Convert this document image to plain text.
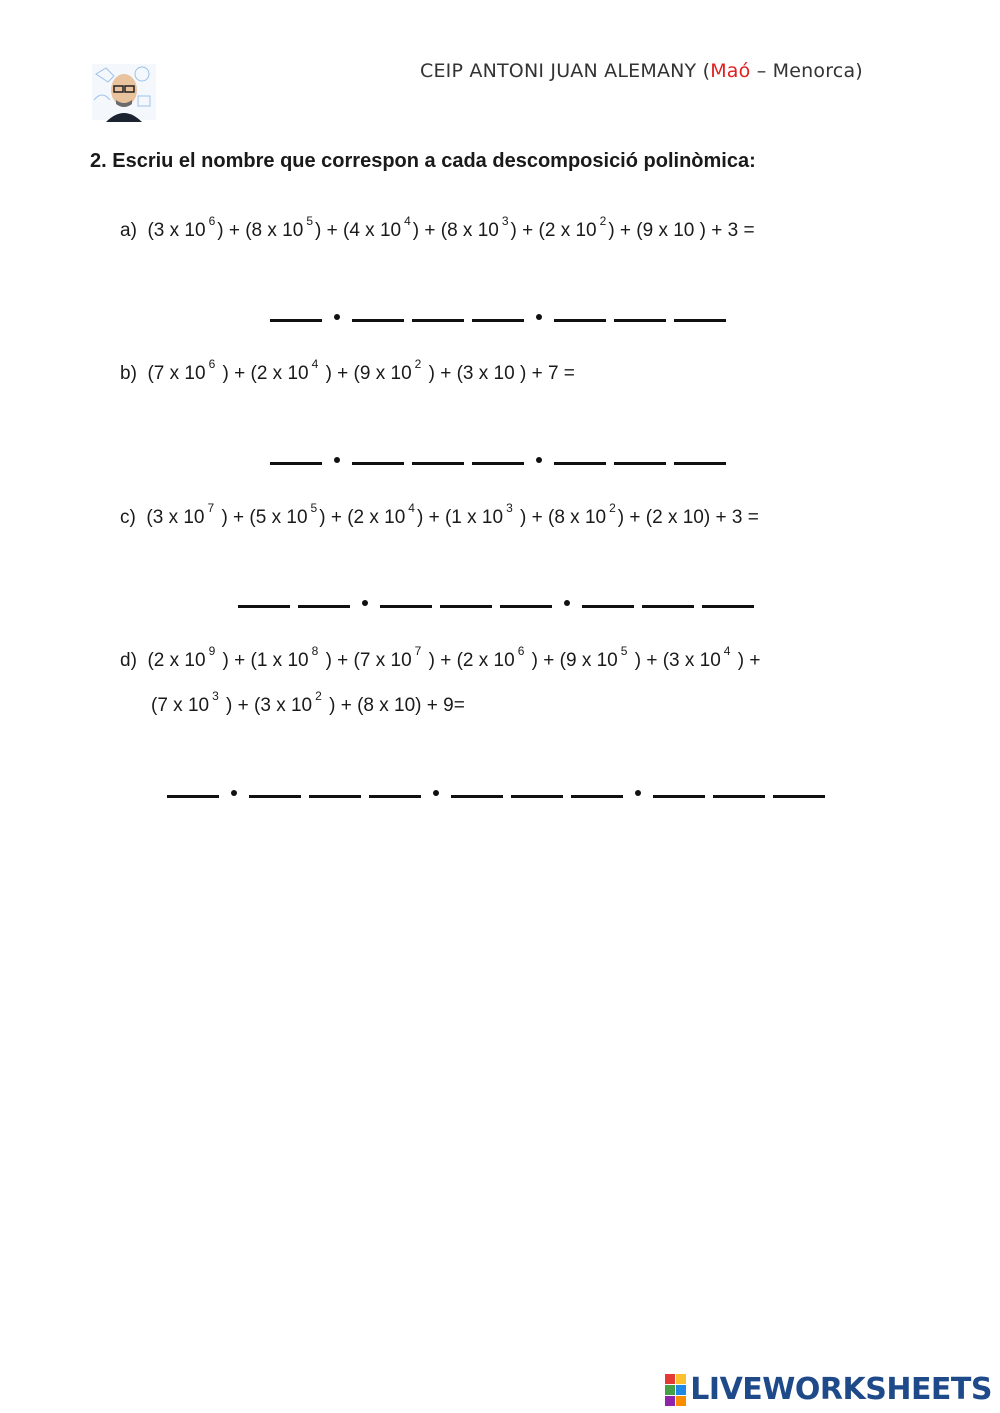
CEIP ANTONI JUAN ALEMANY (Maó – Menorca)
2. Escriu el nombre que correspon a cada descomposició polinòmica:
a) (3 x 10 $^6$ ) + (8 x 10 $^5$ ) + (4 x 10 $^4$ ) + (8 x 10 $^3$ ) + (2 x 10 $^2$ ) + (9 x 10 ) + 3 =
b) (7 x 10 $^6$ ) + (2 x 10 $^4$ ) + (9 x 10 $^2$ ) + (3 x 10 ) + 7 =
c) (3 x 10 $^7$ ) + (5 x 10 $^5$ ) + (2 x 10 $^4$ ) + (1 x 10 $^3$ ) + (8 x 10 $^2$ ) + (2 x 10) + 3 =
d) (2 x 10 $^9$ ) + (1 x 10 $^8$ ) + (7 x 10 $^7$ ) + (2 x 10 $^6$ ) + (9 x 10 $^5$ ) + (3 x 10 $^4$ ) +
(7 x 10 $^3$ ) + (3 x 10 $^2$ ) + (8 x 10) + 9=
LIVEWORKSHEETS
